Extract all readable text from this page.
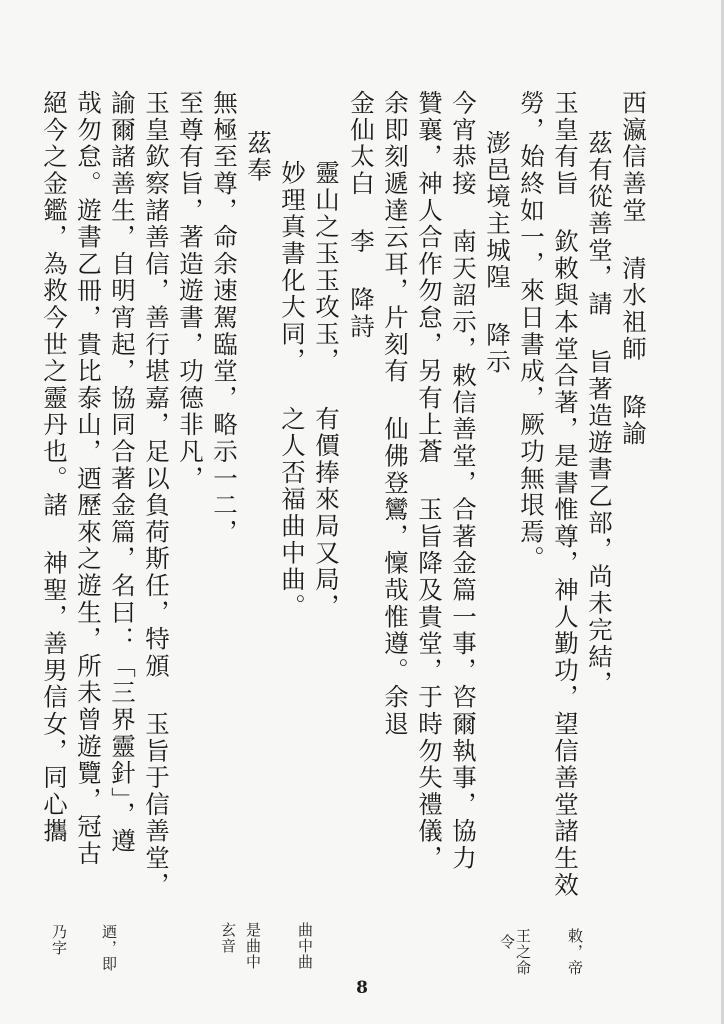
西瀛信善堂 清水祖師 降諭
茲有從善堂，請 旨著造遊書乙部，尚未完結，
玉皇有旨 欽敕與本堂合著，是書惟尊，神人勤功，望信善堂諸生效
勞，始終如一，來日書成，厥功無垠焉。
澎邑境主城隍 降示
今宵恭接 南天詔示，敕信善堂，合著金篇一事，咨爾執事，協力
贊襄，神人合作勿怠，另有上蒼 玉旨降及貴堂，于時勿失禮儀，
余即刻遞達云耳，片刻有 仙佛登鸞，懍哉惟遵。余退
金仙太白 李 降詩
靈山之玉玉攻玉， 有價捧來局又局，
妙理真書化大同， 之人否福曲中曲。
茲奉
無極至尊，命余速駕臨堂，略示一二，
至尊有旨，著造遊書，功德非凡，
玉皇欽察諸善信，善行堪嘉，足以負荷斯任，特頒 玉旨于信善堂，
諭爾諸善生，自明宵起，協同合著金篇，名曰：「三界靈針」，遵
哉勿怠。遊書乙冊，貴比泰山，迺歷來之遊生，所未曾遊覽，冠古
絕今之金鑑，為救今世之靈丹也。諸 神聖，善男信女，同心攜
敕，帝
王之命
令
曲中曲
是曲中
玄音
迺，即
乃字
8
